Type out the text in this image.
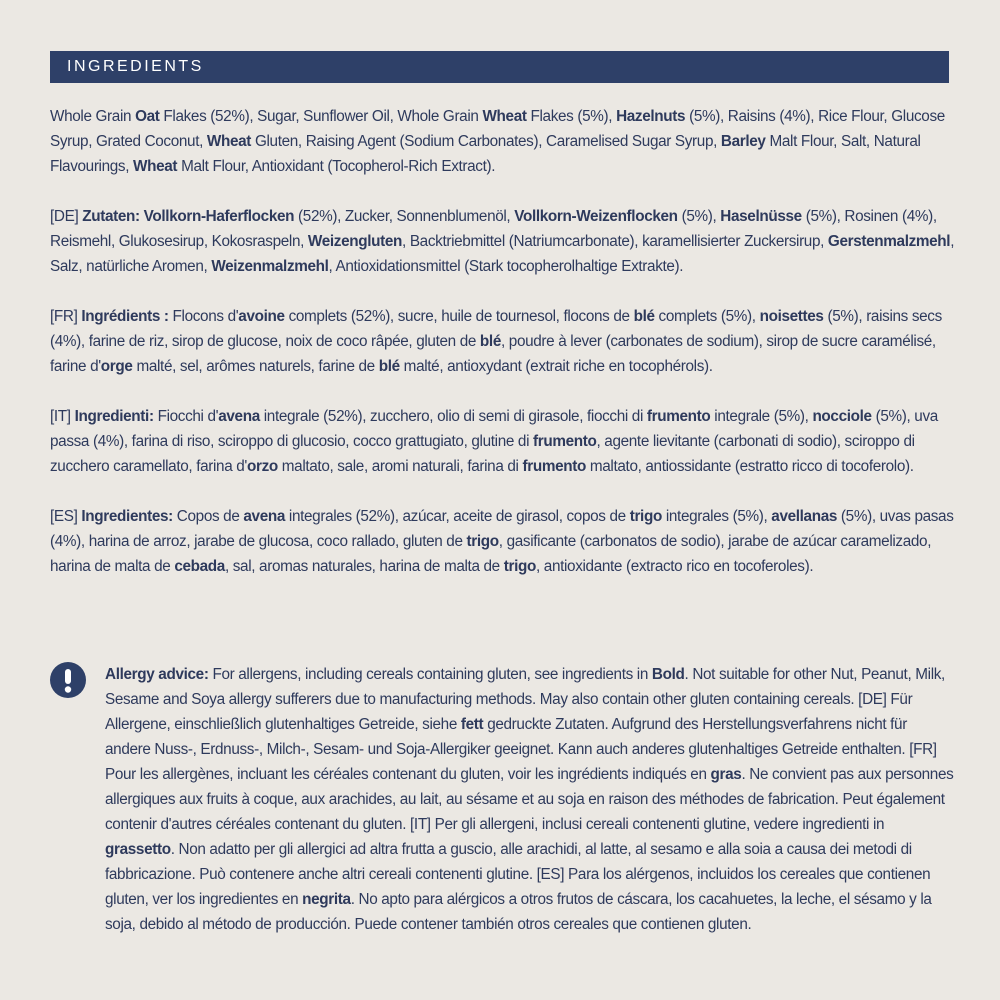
INGREDIENTS

Whole Grain Oat Flakes (52%), Sugar, Sunflower Oil, Whole Grain Wheat Flakes (5%), Hazelnuts (5%), Raisins (4%), Rice Flour, Glucose Syrup, Grated Coconut, Wheat Gluten, Raising Agent (Sodium Carbonates), Caramelised Sugar Syrup, Barley Malt Flour, Salt, Natural Flavourings, Wheat Malt Flour, Antioxidant (Tocopherol-Rich Extract).

[DE] Zutaten: Vollkorn-Haferflocken (52%), Zucker, Sonnenblumenöl, Vollkorn-Weizenflocken (5%), Haselnüsse (5%), Rosinen (4%), Reismehl, Glukosesirup, Kokosraspeln, Weizengluten, Backtriebmittel (Natriumcarbonate), karamellisierter Zuckersirup, Gerstenmalzmehl, Salz, natürliche Aromen, Weizenmalzmehl, Antioxidationsmittel (Stark tocopherolhaltige Extrakte).

[FR] Ingrédients : Flocons d'avoine complets (52%), sucre, huile de tournesol, flocons de blé complets (5%), noisettes (5%), raisins secs (4%), farine de riz, sirop de glucose, noix de coco râpée, gluten de blé, poudre à lever (carbonates de sodium), sirop de sucre caramélisé, farine d'orge malté, sel, arômes naturels, farine de blé malté, antioxydant (extrait riche en tocophérols).

[IT] Ingredienti: Fiocchi d'avena integrale (52%), zucchero, olio di semi di girasole, fiocchi di frumento integrale (5%), nocciole (5%), uva passa (4%), farina di riso, sciroppo di glucosio, cocco grattugiato, glutine di frumento, agente lievitante (carbonati di sodio), sciroppo di zucchero caramellato, farina d'orzo maltato, sale, aromi naturali, farina di frumento maltato, antiossidante (estratto ricco di tocoferolo).

[ES] Ingredientes: Copos de avena integrales (52%), azúcar, aceite de girasol, copos de trigo integrales (5%), avellanas (5%), uvas pasas (4%), harina de arroz, jarabe de glucosa, coco rallado, gluten de trigo, gasificante (carbonatos de sodio), jarabe de azúcar caramelizado, harina de malta de cebada, sal, aromas naturales, harina de malta de trigo, antioxidante (extracto rico en tocoferoles).

Allergy advice: For allergens, including cereals containing gluten, see ingredients in Bold. Not suitable for other Nut, Peanut, Milk, Sesame and Soya allergy sufferers due to manufacturing methods. May also contain other gluten containing cereals. [DE] Für Allergene, einschließlich glutenhaltiges Getreide, siehe fett gedruckte Zutaten. Aufgrund des Herstellungsverfahrens nicht für andere Nuss-, Erdnuss-, Milch-, Sesam- und Soja-Allergiker geeignet. Kann auch anderes glutenhaltiges Getreide enthalten. [FR] Pour les allergènes, incluant les céréales contenant du gluten, voir les ingrédients indiqués en gras. Ne convient pas aux personnes allergiques aux fruits à coque, aux arachides, au lait, au sésame et au soja en raison des méthodes de fabrication. Peut également contenir d'autres céréales contenant du gluten. [IT] Per gli allergeni, inclusi cereali contenenti glutine, vedere ingredienti in grassetto. Non adatto per gli allergici ad altra frutta a guscio, alle arachidi, al latte, al sesamo e alla soia a causa dei metodi di fabbricazione. Può contenere anche altri cereali contenenti glutine. [ES] Para los alérgenos, incluidos los cereales que contienen gluten, ver los ingredientes en negrita. No apto para alérgicos a otros frutos de cáscara, los cacahuetes, la leche, el sésamo y la soja, debido al método de producción. Puede contener también otros cereales que contienen gluten.
